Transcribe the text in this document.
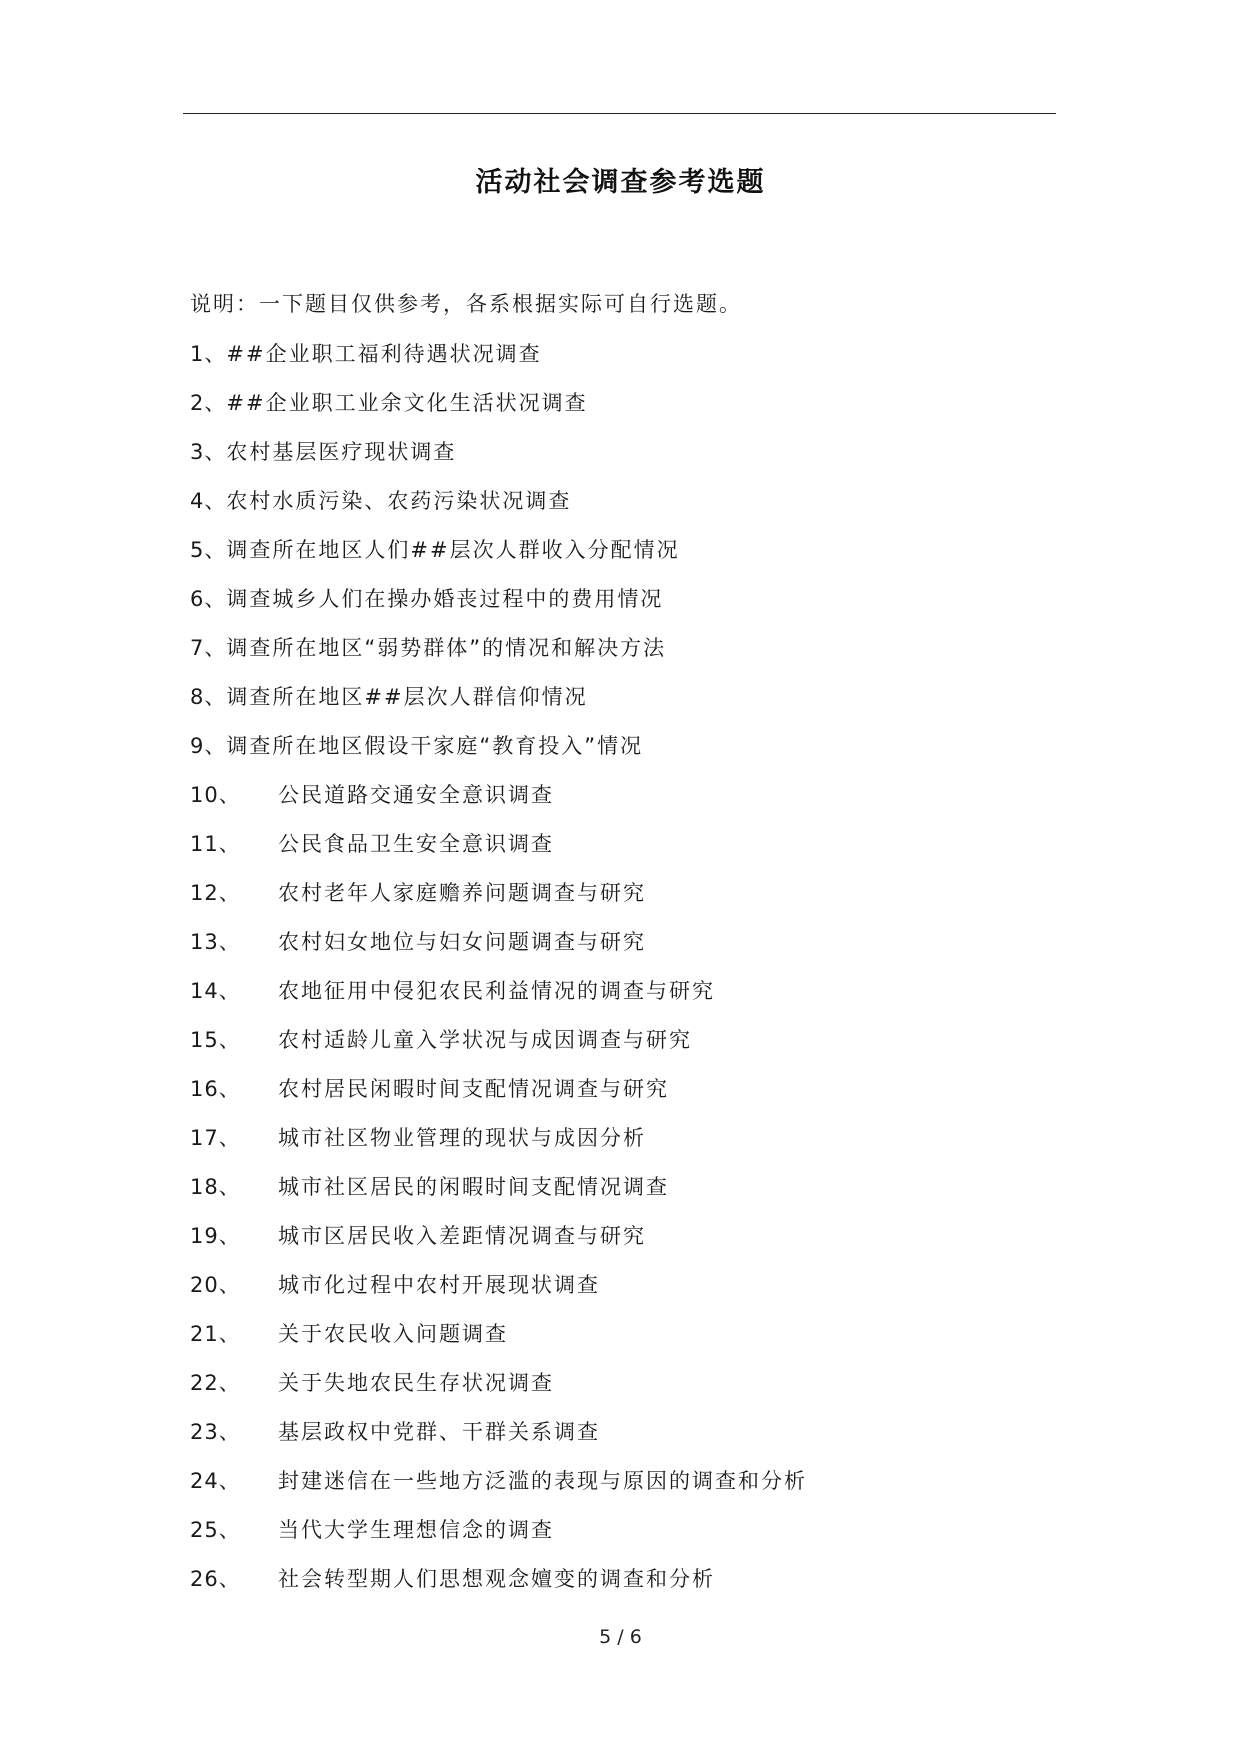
活动社会调查参考选题
说明：一下题目仅供参考，各系根据实际可自行选题。
1、 ##企业职工福利待遇状况调查
2、 ##企业职工业余文化生活状况调查
3、 农村基层医疗现状调查
4、 农村水质污染、农药污染状况调查
5、 调查所在地区人们##层次人群收入分配情况
6、 调查城乡人们在操办婚丧过程中的费用情况
7、 调查所在地区“弱势群体”的情况和解决方法
8、 调查所在地区##层次人群信仰情况
9、 调查所在地区假设干家庭“教育投入”情况
10、	公民道路交通安全意识调查
11、	公民食品卫生安全意识调查
12、	农村老年人家庭赡养问题调查与研究
13、	农村妇女地位与妇女问题调查与研究
14、	农地征用中侵犯农民利益情况的调查与研究
15、	农村适龄儿童入学状况与成因调查与研究
16、	农村居民闲暇时间支配情况调查与研究
17、	城市社区物业管理的现状与成因分析
18、	城市社区居民的闲暇时间支配情况调查
19、	城市区居民收入差距情况调查与研究
20、	城市化过程中农村开展现状调查
21、	关于农民收入问题调查
22、	关于失地农民生存状况调查
23、	基层政权中党群、干群关系调查
24、	封建迷信在一些地方泛滥的表现与原因的调查和分析
25、	当代大学生理想信念的调查
26、	社会转型期人们思想观念嬗变的调查和分析
5 / 6
